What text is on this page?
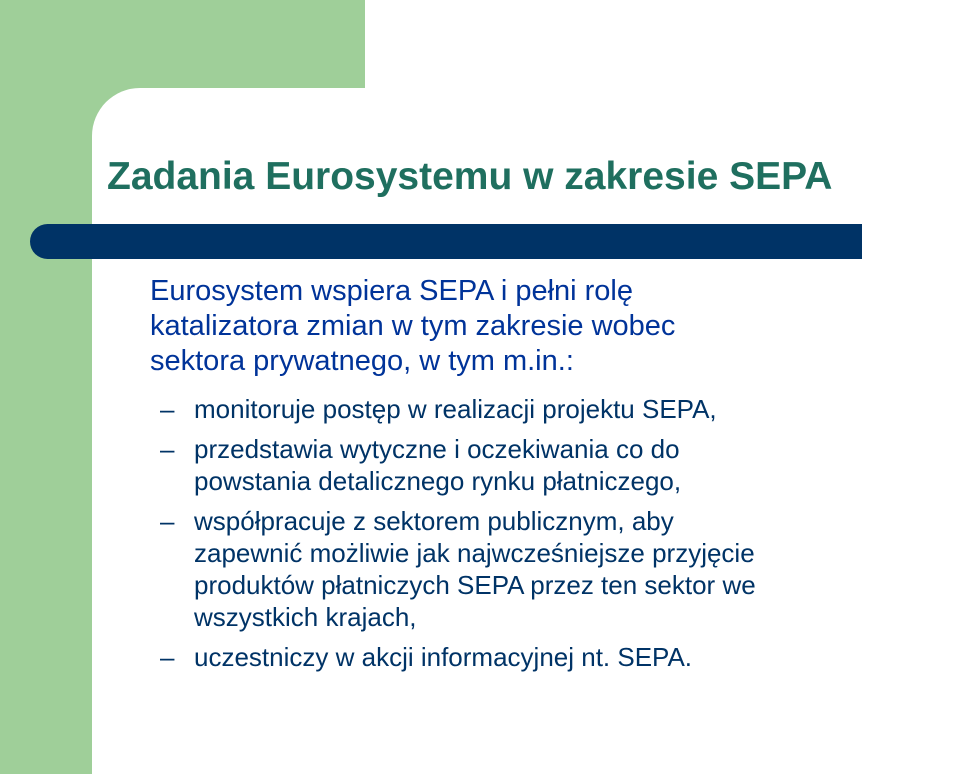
Zadania Eurosystemu w zakresie SEPA

Eurosystem wspiera SEPA i pełni rolę
katalizatora zmian w tym zakresie wobec
sektora prywatnego, w tym m.in.:

– monitoruje postęp w realizacji projektu SEPA,
– przedstawia wytyczne i oczekiwania co do
powstania detalicznego rynku płatniczego,
– współpracuje z sektorem publicznym, aby
zapewnić możliwie jak najwcześniejsze przyjęcie
produktów płatniczych SEPA przez ten sektor we
wszystkich krajach,
– uczestniczy w akcji informacyjnej nt. SEPA.
